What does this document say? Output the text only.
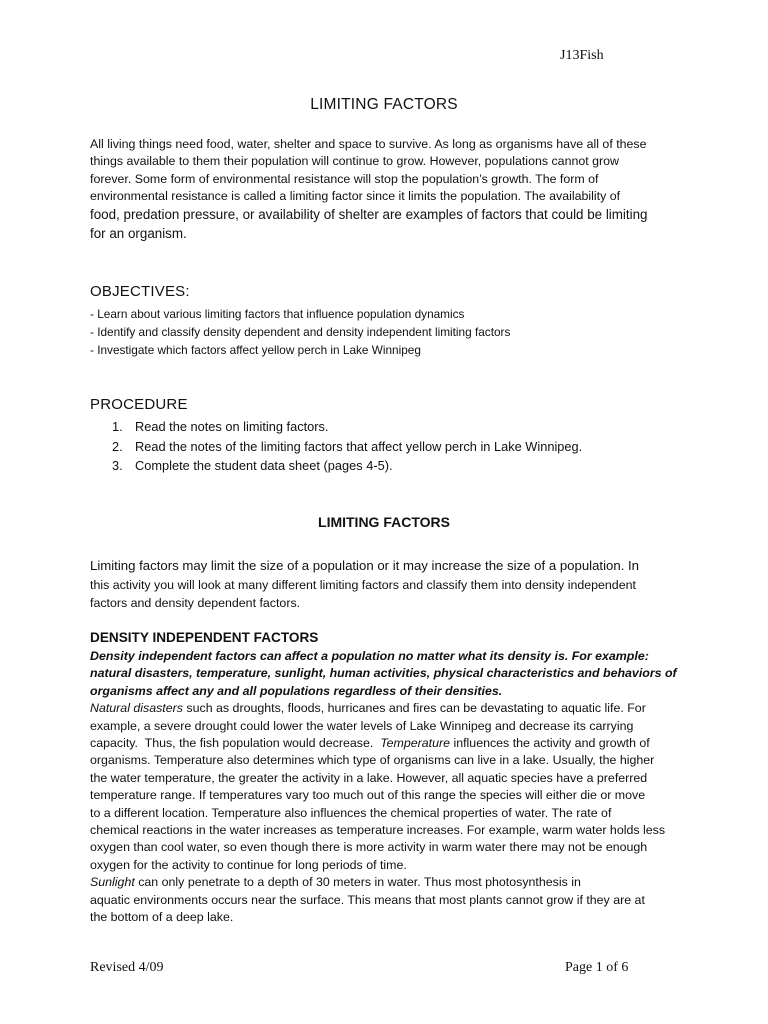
J13Fish
LIMITING FACTORS

All living things need food, water, shelter and space to survive. As long as organisms have all of these
things available to them their population will continue to grow. However, populations cannot grow
forever. Some form of environmental resistance will stop the population’s growth. The form of
environmental resistance is called a limiting factor since it limits the population. The availability of
food, predation pressure, or availability of shelter are examples of factors that could be limiting
for an organism.

OBJECTIVES:
- Learn about various limiting factors that influence population dynamics
- Identify and classify density dependent and density independent limiting factors
- Investigate which factors affect yellow perch in Lake Winnipeg
PROCEDURE
1. Read the notes on limiting factors.
2. Read the notes of the limiting factors that affect yellow perch in Lake Winnipeg.
3. Complete the student data sheet (pages 4-5).
LIMITING FACTORS

Limiting factors may limit the size of a population or it may increase the size of a population. In
this activity you will look at many different limiting factors and classify them into density independent
factors and density dependent factors.

DENSITY INDEPENDENT FACTORS
Density independent factors can affect a population no matter what its density is. For example:
natural disasters, temperature, sunlight, human activities, physical characteristics and behaviors of
organisms affect any and all populations regardless of their densities.
Natural disasters such as droughts, floods, hurricanes and fires can be devastating to aquatic life. For
example, a severe drought could lower the water levels of Lake Winnipeg and decrease its carrying
capacity.  Thus, the fish population would decrease.  Temperature influences the activity and growth of
organisms. Temperature also determines which type of organisms can live in a lake. Usually, the higher
the water temperature, the greater the activity in a lake. However, all aquatic species have a preferred
temperature range. If temperatures vary too much out of this range the species will either die or move
to a different location. Temperature also influences the chemical properties of water. The rate of
chemical reactions in the water increases as temperature increases. For example, warm water holds less
oxygen than cool water, so even though there is more activity in warm water there may not be enough
oxygen for the activity to continue for long periods of time.
Sunlight can only penetrate to a depth of 30 meters in water. Thus most photosynthesis in
aquatic environments occurs near the surface. This means that most plants cannot grow if they are at
the bottom of a deep lake.
Revised 4/09	Page 1 of 6
